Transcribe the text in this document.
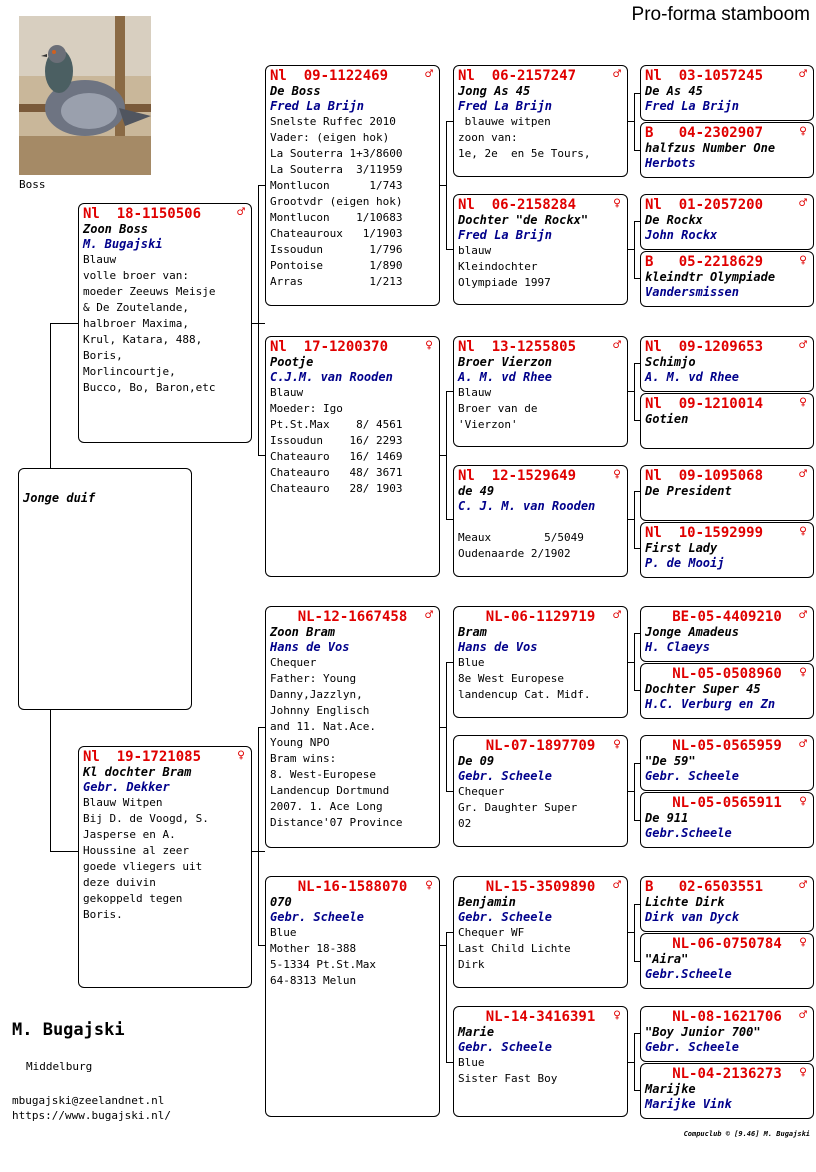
Pro-forma stamboom
Boss
Jonge duif
Nl  18-1150506	♂
Zoon Boss
M. Bugajski
Blauw
volle broer van:
moeder Zeeuws Meisje
& De Zoutelande,
halbroer Maxima,
Krul, Katara, 488,
Boris,
Morlincourtje,
Bucco, Bo, Baron,etc
Nl  19-1721085	♀
Kl dochter Bram
Gebr. Dekker
Blauw Witpen
Bij D. de Voogd, S.
Jasperse en A.
Houssine al zeer
goede vliegers uit
deze duivin
gekoppeld tegen
Boris.
Nl  09-1122469	♂
De Boss
Fred La Brijn
Snelste Ruffec 2010
Vader: (eigen hok)
La Souterra 1+3/8600
La Souterra  3/11959
Montlucon      1/743
Grootvdr (eigen hok)
Montlucon    1/10683
Chateauroux   1/1903
Issoudun       1/796
Pontoise       1/890
Arras          1/213
Nl  17-1200370	♀
Pootje
C.J.M. van Rooden
Blauw
Moeder: Igo
Pt.St.Max    8/ 4561
Issoudun    16/ 2293
Chateauro   16/ 1469
Chateauro   48/ 3671
Chateauro   28/ 1903
NL-12-1667458	♂
Zoon Bram
Hans de Vos
Chequer
Father: Young
Danny,Jazzlyn,
Johnny Englisch
and 11. Nat.Ace.
Young NPO
Bram wins:
8. West-Europese
Landencup Dortmund
2007. 1. Ace Long
Distance'07 Province
NL-16-1588070	♀
070
Gebr. Scheele
Blue
Mother 18-388
5-1334 Pt.St.Max
64-8313 Melun
Nl  06-2157247	♂
Jong As 45
Fred La Brijn
blauwe witpen
zoon van:
1e, 2e  en 5e Tours,
Nl  06-2158284	♀
Dochter "de Rockx"
Fred La Brijn
blauw
Kleindochter
Olympiade 1997
Nl  13-1255805	♂
Broer Vierzon
A. M. vd Rhee
Blauw
Broer van de
'Vierzon'
Nl  12-1529649	♀
de 49
C. J. M. van Rooden

Meaux        5/5049
Oudenaarde 2/1902
NL-06-1129719	♂
Bram
Hans de Vos
Blue
8e West Europese
landencup Cat. Midf.
NL-07-1897709	♀
De 09
Gebr. Scheele
Chequer
Gr. Daughter Super
02
NL-15-3509890	♂
Benjamin
Gebr. Scheele
Chequer WF
Last Child Lichte
Dirk
NL-14-3416391	♀
Marie
Gebr. Scheele
Blue
Sister Fast Boy
Nl  03-1057245	♂
De As 45
Fred La Brijn
B   04-2302907	♀
halfzus Number One
Herbots
Nl  01-2057200	♂
De Rockx
John Rockx
B   05-2218629	♀
kleindtr Olympiade
Vandersmissen
Nl  09-1209653	♂
Schimjo
A. M. vd Rhee
Nl  09-1210014	♀
Gotien
Nl  09-1095068	♂
De President
Nl  10-1592999	♀
First Lady
P. de Mooij
BE-05-4409210	♂
Jonge Amadeus
H. Claeys
NL-05-0508960	♀
Dochter Super 45
H.C. Verburg en Zn
NL-05-0565959	♂
"De 59"
Gebr. Scheele
NL-05-0565911	♀
De 911
Gebr.Scheele
B   02-6503551	♂
Lichte Dirk
Dirk van Dyck
NL-06-0750784	♀
"Aira"
Gebr.Scheele
NL-08-1621706	♂
"Boy Junior 700"
Gebr. Scheele
NL-04-2136273	♀
Marijke
Marijke Vink
M. Bugajski
Middelburg
mbugajski@zeelandnet.nl
https://www.bugajski.nl/
Compuclub © [9.46] M. Bugajski
